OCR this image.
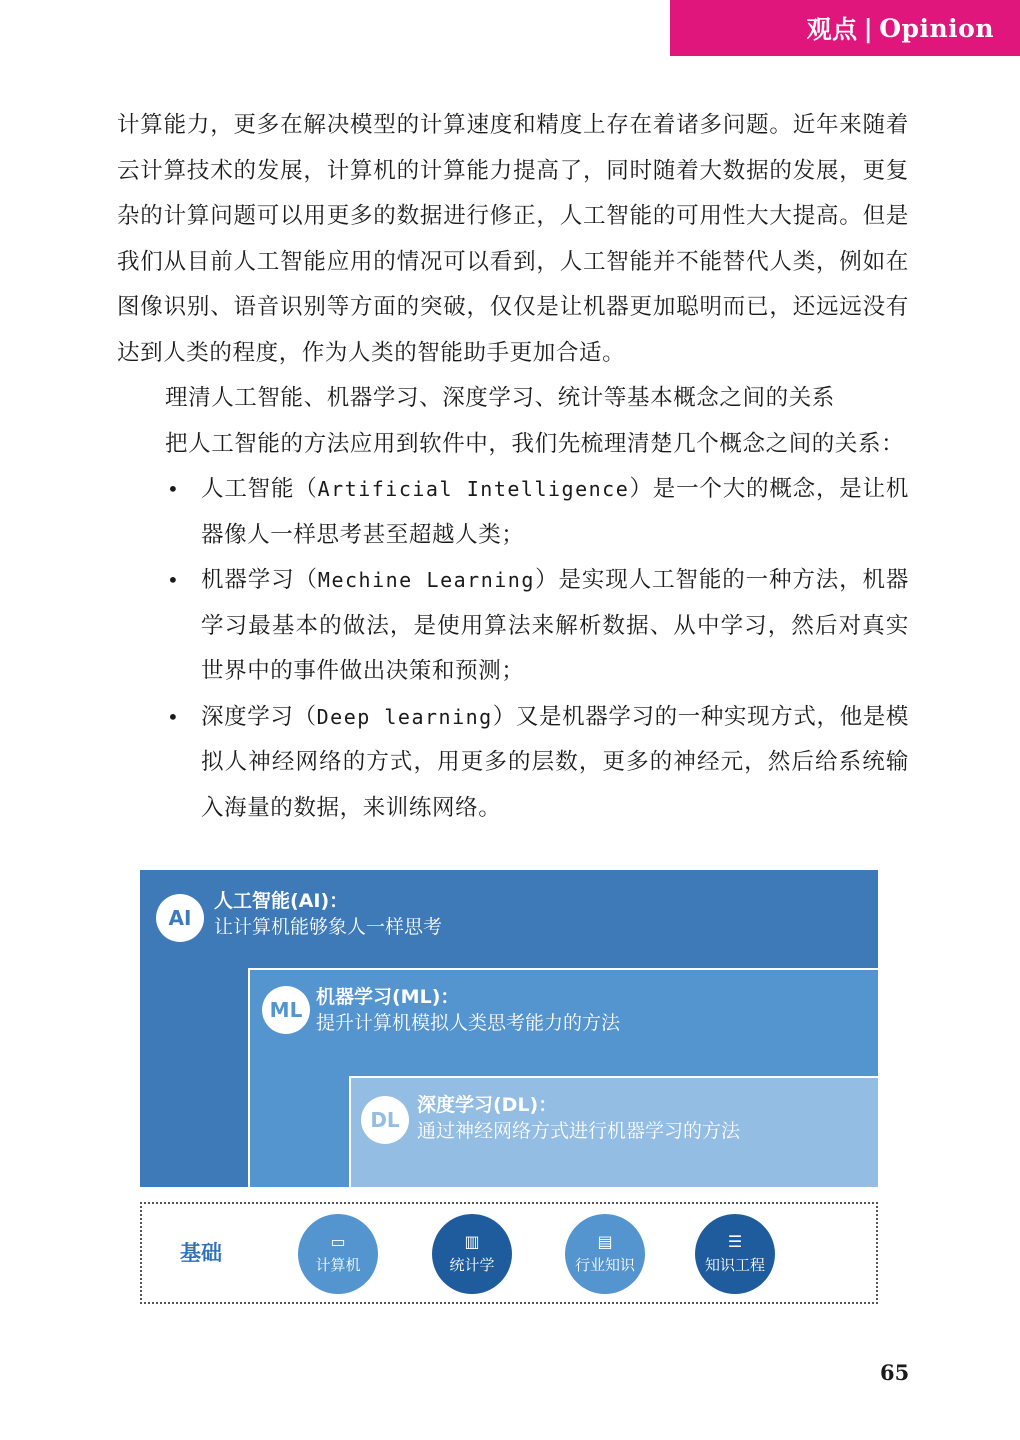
观点 | Opinion

计算能力，更多在解决模型的计算速度和精度上存在着诸多问题。近年来随着云计算技术的发展，计算机的计算能力提高了，同时随着大数据的发展，更复杂的计算问题可以用更多的数据进行修正，人工智能的可用性大大提高。但是我们从目前人工智能应用的情况可以看到，人工智能并不能替代人类，例如在图像识别、语音识别等方面的突破，仅仅是让机器更加聪明而已，还远远没有达到人类的程度，作为人类的智能助手更加合适。

理清人工智能、机器学习、深度学习、统计等基本概念之间的关系

把人工智能的方法应用到软件中，我们先梳理清楚几个概念之间的关系：

• 人工智能（Artificial Intelligence）是一个大的概念，是让机器像人一样思考甚至超越人类；
• 机器学习（Mechine Learning）是实现人工智能的一种方法，机器学习最基本的做法，是使用算法来解析数据、从中学习，然后对真实世界中的事件做出决策和预测；
• 深度学习（Deep learning）又是机器学习的一种实现方式，他是模拟人神经网络的方式，用更多的层数，更多的神经元，然后给系统输入海量的数据，来训练网络。
AI
人工智能(AI)：
让计算机能够象人一样思考
ML
机器学习(ML)：
提升计算机模拟人类思考能力的方法
DL
深度学习(DL)：
通过神经网络方式进行机器学习的方法
基础	▭
计算机
▥
统计学
▤
行业知识
☰
知识工程
65
